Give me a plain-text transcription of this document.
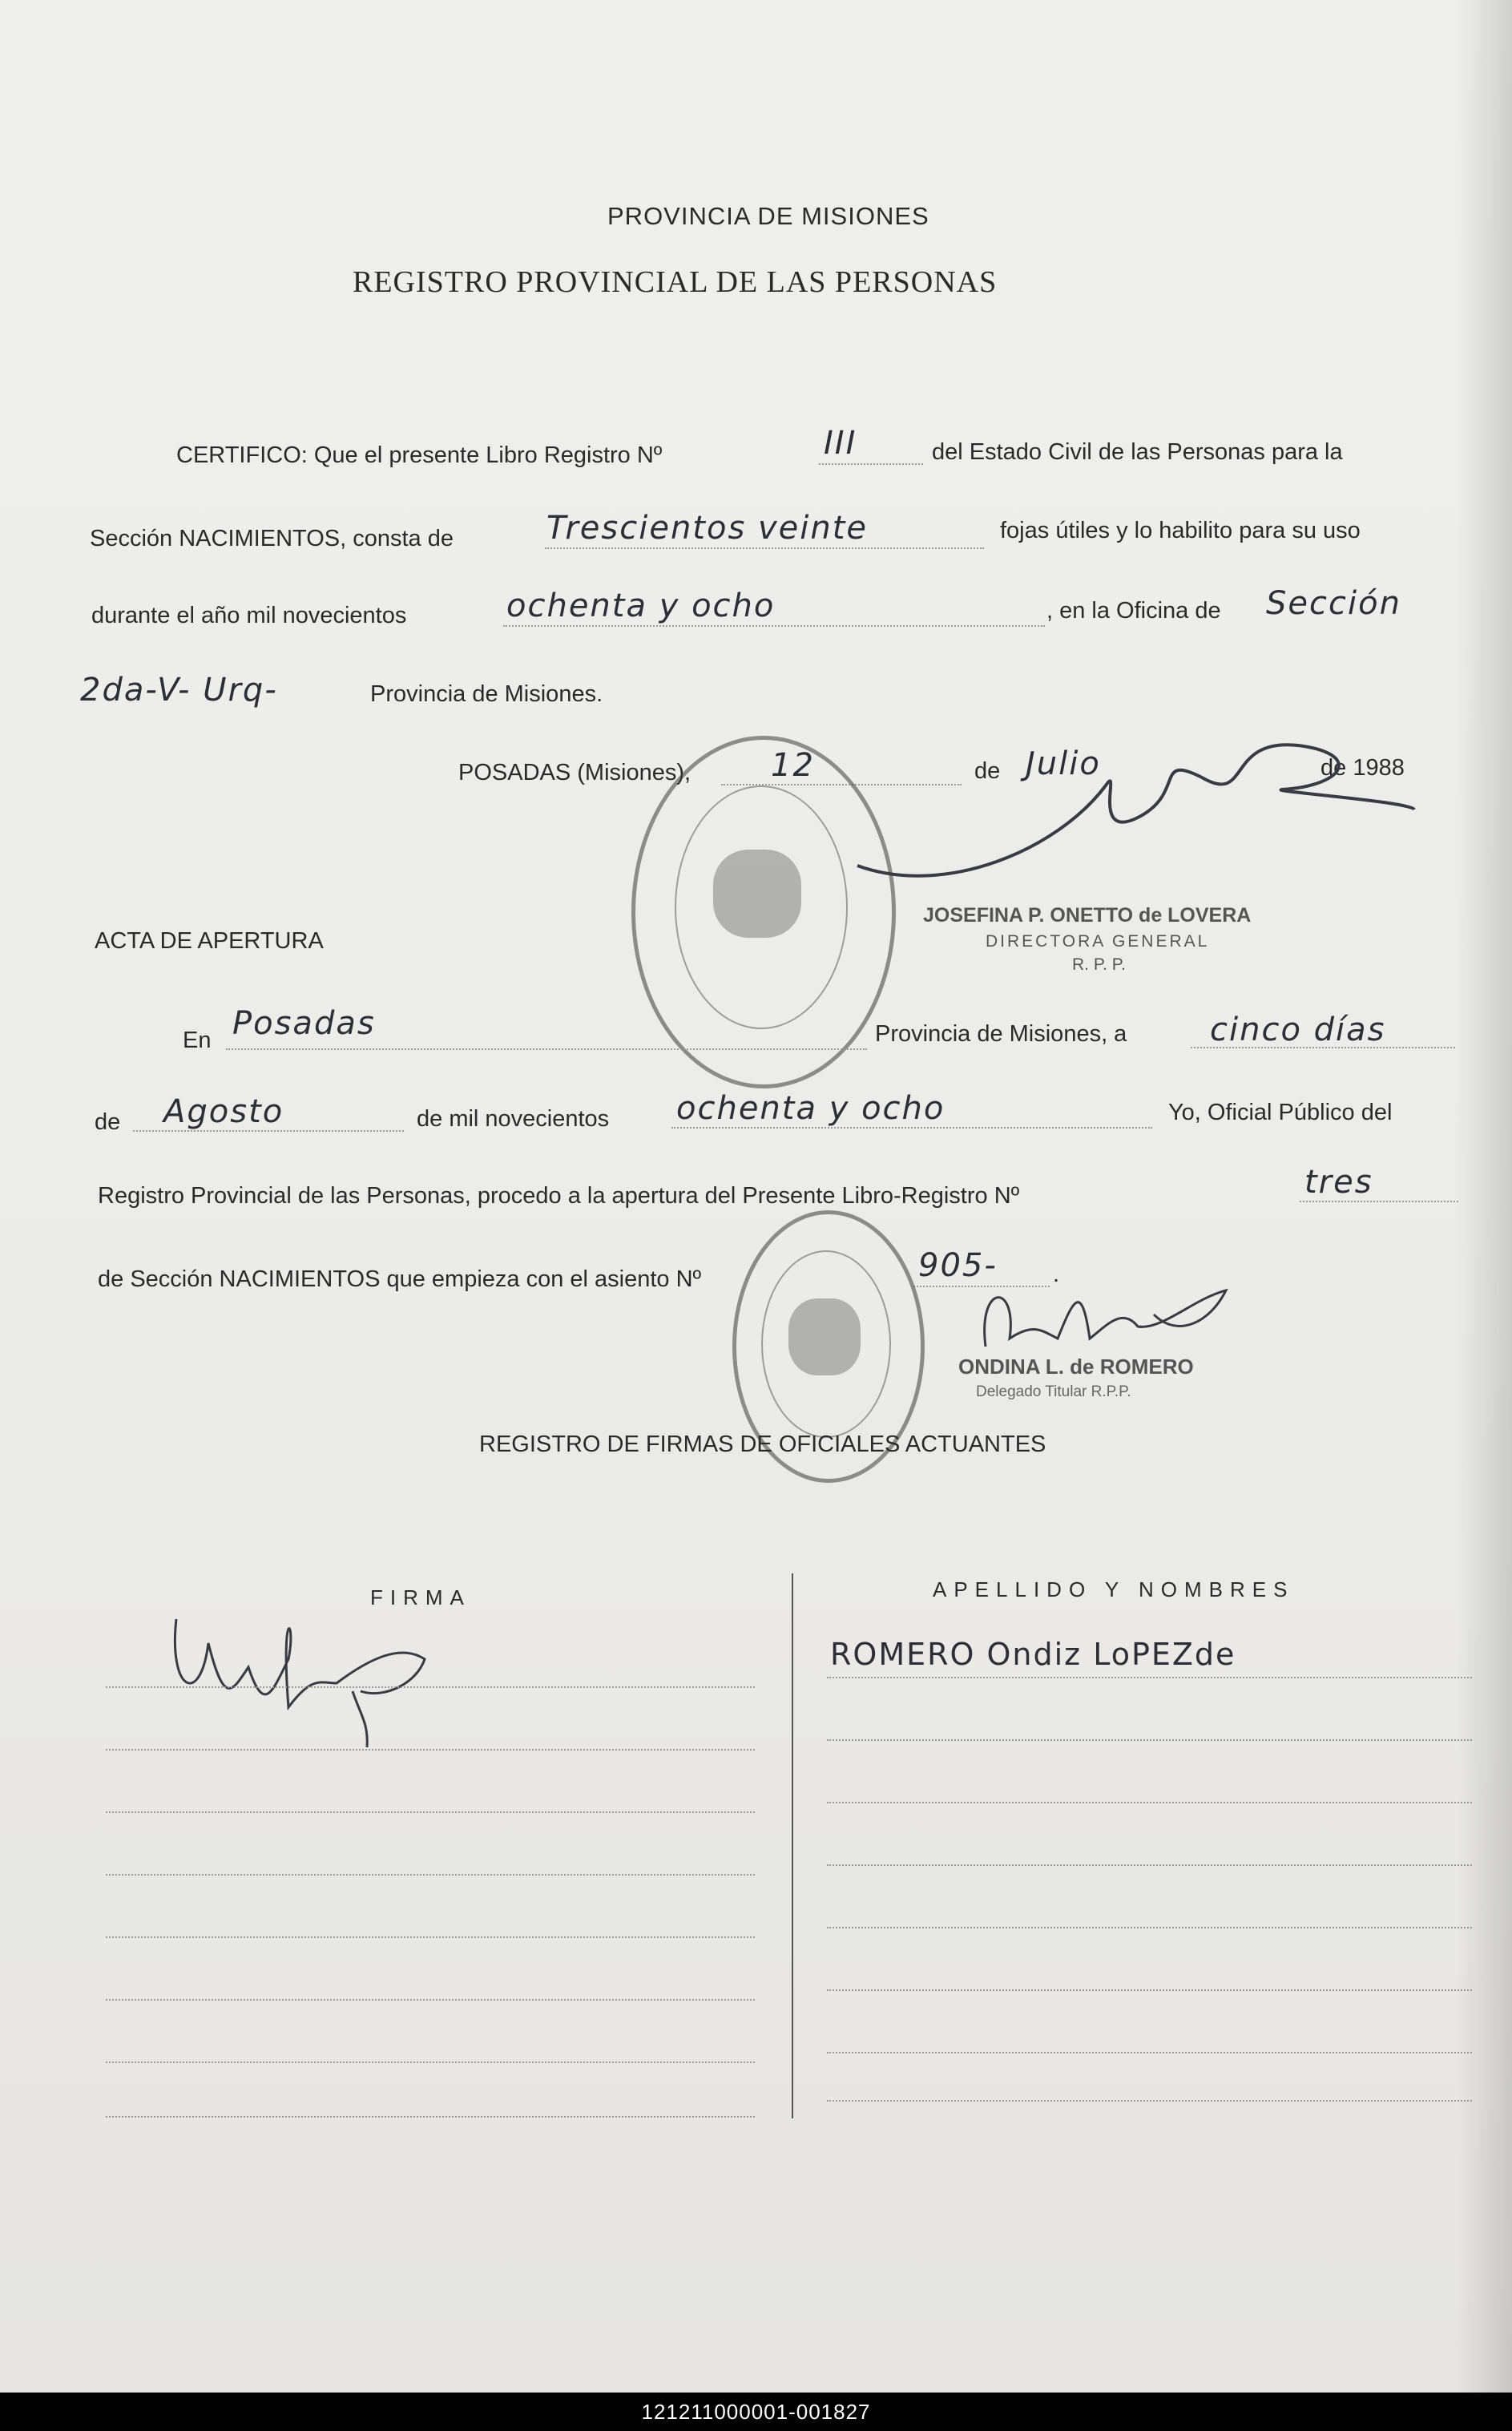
PROVINCIA DE MISIONES
REGISTRO PROVINCIAL DE LAS PERSONAS
CERTIFICO: Que el presente Libro Registro Nº	III	del Estado Civil de las Personas para la
Sección NACIMIENTOS, consta de	Trescientos veinte	fojas útiles y lo habilito para su uso
durante el año mil novecientos	ochenta y ocho	, en la Oficina de Sección
2da-V- Urq-	Provincia de Misiones.
POSADAS (Misiones), 12	de Julio	de 1988
JOSEFINA P. ONETTO de LOVERA
DIRECTORA GENERAL
R. P. P.
ACTA DE APERTURA
En Posadas	Provincia de Misiones, a	cinco días
de Agosto	de mil novecientos ochenta y ocho	Yo, Oficial Público del
Registro Provincial de las Personas, procedo a la apertura del Presente Libro-Registro Nº	tres
de Sección NACIMIENTOS que empieza con el asiento Nº	905- .
ONDINA L. de ROMERO
Delegado Titular R.P.P.
REGISTRO DE FIRMAS DE OFICIALES ACTUANTES
FIRMA	APELLIDO Y NOMBRES
ROMERO Ondiz LoPEZde
121211000001-001827
